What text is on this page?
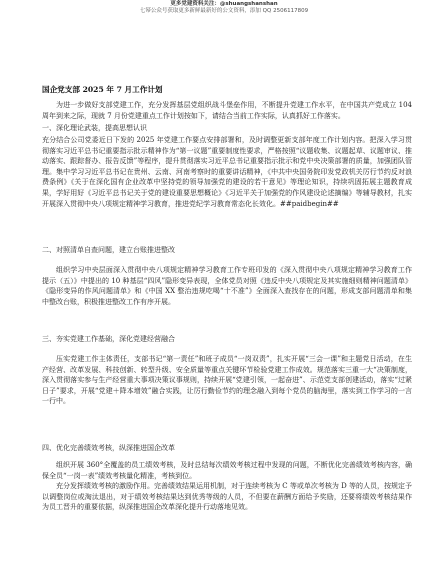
更多党建资料关注：@shuangshanshan
七幂公众号获取更多新鲜最新好的公文资料，添加 QQ 2506117809
国企党支部 2025 年 7 月工作计划

为进一步做好支部党建工作，充分发挥基层党组织战斗堡垒作用，不断提升党建工作水平，在中国共产党成立 104 周年到来之际，现就 7 月份党建重点工作计划按如下，请结合当前工作实际，认真抓好工作落实。

一、深化理论武装，提高思想认识

充分结合公司党委近日下发的 2025 年党建工作要点安排部署和，及时调整更新支部年度工作计划内容。把深入学习贯彻落实习近平总书记重要指示批示精神作为“第一议题”重要制度性要求，严格按照“议题收集、议题起草、议题审议、推动落实、跟踪督办、报告反馈”等程序，提升贯彻落实习近平总书记重要指示批示和党中央决策部署的质量，加强团队管理。集中学习习近平总书记在贵州、云南、河南考察时的重要讲话精神，《中共中央国务院印发党政机关厉行节约反对浪费条例》《关于在深化国有企业改革中坚持党的领导加强党的建设的若干意见》等理论知识，持续巩固拓展主题教育成果，学好用好《习近平总书记关于党的建设重要思想概论》《习近平关于加强党的作风建设论述摘编》等辅导教材，扎实开展深入贯彻中央八项规定精神学习教育，推进党纪学习教育常态化长效化。##paidbegin##

二、对照清单自查问题，建立台账推进整改

组织学习中央层面深入贯彻中央八项规定精神学习教育工作专班印发的《深入贯彻中央八项规定精神学习教育工作提示（五）》中提出的 10 种基层“四风”隐形变异表现，全体党员对照《违反中央八项规定及其实施细则精神问题清单》《隐形变异的作风问题清单》和《中国 XX 整治违规吃喝“十不准”》全面深入查找存在的问题，形成支部问题清单和集中整改台账，积极推进整改工作有序开展。

三、夯实党建工作基础，深化党建经营融合

压实党建工作主体责任，支部书记“第一责任”和班子成员“一岗双责”，扎实开展“三会一课”和主题党日活动，在生产经营、改革发展、科技创新、转型升级、安全质量等重点关键环节检验党建工作成效。规范落实三重一大“决策制度，深入贯彻落实参与生产经营重大事项决策议事规则，持续开展“党建引领，一起奋进”、示范党支部创建活动，落实“过紧日子”要求，开展“党建＋降本增效”融合实践，让厉行勤俭节约的理念融入到每个党员的脑海里，落实到工作学习的一言一行中。

四、优化完善绩效考核，纵深推进国企改革

组织开展 360°全覆盖的员工绩效考核，及时总结每次绩效考核过程中发现的问题，不断优化完善绩效考核内容，确保全员“一岗一表”绩效考核量化精准，考核到位。

充分发挥绩效考核的激励作用。完善绩效结果运用机制，对于连续考核为 C 等或单次考核为 D 等的人员，按规定予以调整岗位或淘汰退出，对于绩效考核结果达到优秀等级的人员，不但要在薪酬方面给予奖励，还要将绩效考核结果作为员工晋升的重要依据，纵深推进国企改革深化提升行动落地见效。
